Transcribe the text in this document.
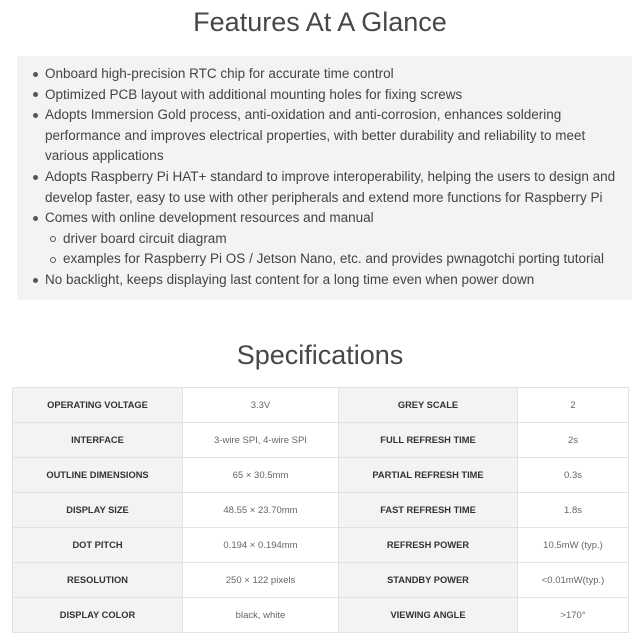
Features At A Glance
Onboard high-precision RTC chip for accurate time control
Optimized PCB layout with additional mounting holes for fixing screws
Adopts Immersion Gold process, anti-oxidation and anti-corrosion, enhances soldering performance and improves electrical properties, with better durability and reliability to meet various applications
Adopts Raspberry Pi HAT+ standard to improve interoperability, helping the users to design and develop faster, easy to use with other peripherals and extend more functions for Raspberry Pi
Comes with online development resources and manual
driver board circuit diagram
examples for Raspberry Pi OS / Jetson Nano, etc. and provides pwnagotchi porting tutorial
No backlight, keeps displaying last content for a long time even when power down
Specifications
OPERATING VOLTAGE	3.3V	GREY SCALE	2
INTERFACE	3-wire SPI, 4-wire SPI	FULL REFRESH TIME	2s
OUTLINE DIMENSIONS	65 × 30.5mm	PARTIAL REFRESH TIME	0.3s
DISPLAY SIZE	48.55 × 23.70mm	FAST REFRESH TIME	1.8s
DOT PITCH	0.194 × 0.194mm	REFRESH POWER	10.5mW (typ.)
RESOLUTION	250 × 122 pixels	STANDBY POWER	<0.01mW(typ.)
DISPLAY COLOR	black, white	VIEWING ANGLE	>170°
